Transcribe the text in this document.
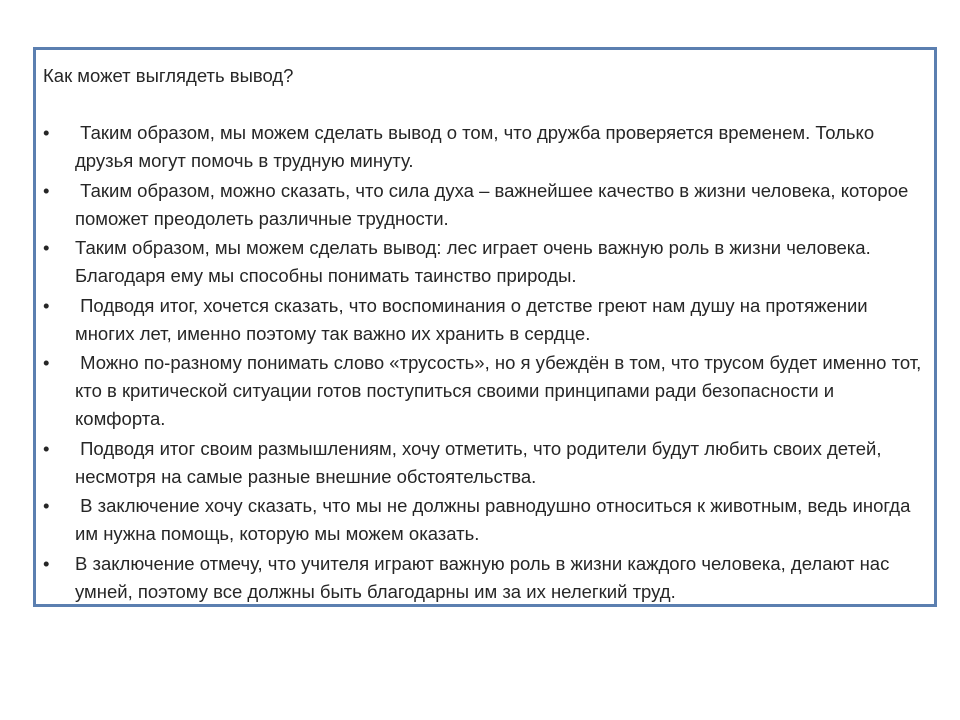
Как может выглядеть вывод?

• Таким образом, мы можем сделать вывод о том, что дружба проверяется временем. Только друзья могут помочь в трудную минуту.
• Таким образом, можно сказать, что сила духа – важнейшее качество в жизни человека, которое поможет преодолеть различные трудности.
• Таким образом, мы можем сделать вывод: лес играет очень важную роль в жизни человека. Благодаря ему мы способны понимать таинство природы.
• Подводя итог, хочется сказать, что воспоминания о детстве греют нам душу на протяжении многих лет, именно поэтому так важно их хранить в сердце.
• Можно по-разному понимать слово «трусость», но я убеждён в том, что трусом будет именно тот, кто в критической ситуации готов поступиться своими принципами ради безопасности и комфорта.
• Подводя итог своим размышлениям, хочу отметить, что родители будут любить своих детей, несмотря на самые разные внешние обстоятельства.
• В заключение хочу сказать, что мы не должны равнодушно относиться к животным, ведь иногда им нужна помощь, которую мы можем оказать.
• В заключение отмечу, что учителя играют важную роль в жизни каждого человека, делают нас умней, поэтому все должны быть благодарны им за их нелегкий труд.
